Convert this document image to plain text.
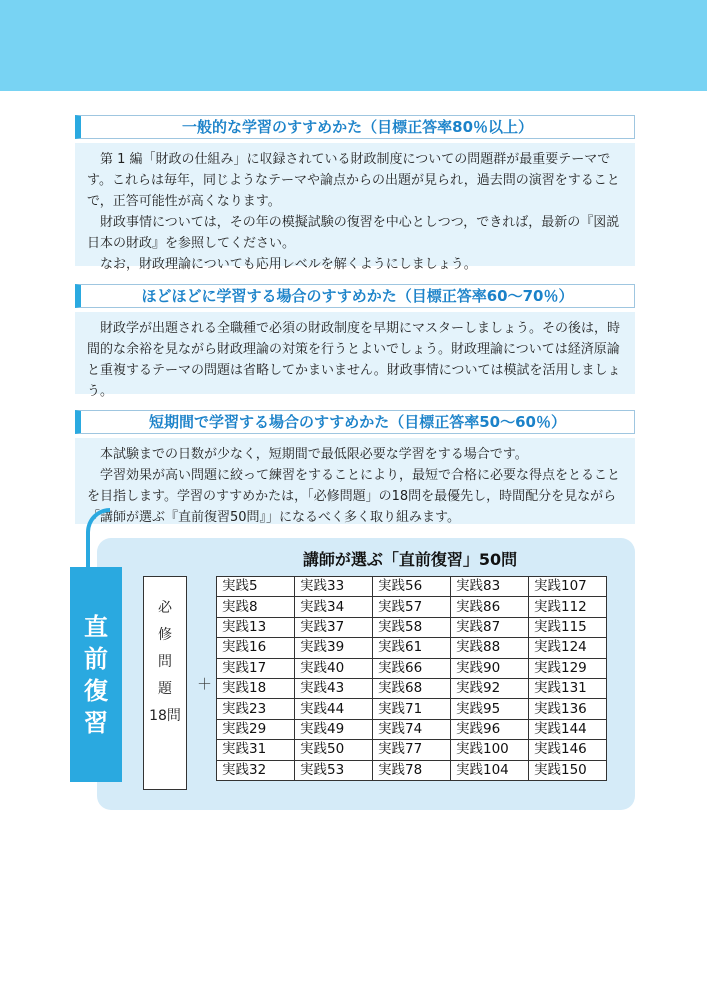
一般的な学習のすすめかた（目標正答率80％以上）

第 1 編「財政の仕組み」に収録されている財政制度についての問題群が最重要テーマです。これらは毎年，同じようなテーマや論点からの出題が見られ，過去問の演習をすることで，正答可能性が高くなります。

財政事情については，その年の模擬試験の復習を中心としつつ，できれば，最新の『図説　日本の財政』を参照してください。

なお，財政理論についても応用レベルを解くようにしましょう。

ほどほどに学習する場合のすすめかた（目標正答率60～70％）

財政学が出題される全職種で必須の財政制度を早期にマスターしましょう。その後は，時間的な余裕を見ながら財政理論の対策を行うとよいでしょう。財政理論については経済原論と重複するテーマの問題は省略してかまいません。財政事情については模試を活用しましょう。

短期間で学習する場合のすすめかた（目標正答率50～60％）

本試験までの日数が少なく，短期間で最低限必要な学習をする場合です。

学習効果が高い問題に絞って練習をすることにより，最短で合格に必要な得点をとることを目指します。学習のすすめかたは，「必修問題」の18問を最優先し，時間配分を見ながら「講師が選ぶ『直前復習50問』」になるべく多く取り組みます。

直
前
復
習
講師が選ぶ「直前復習」50問
必
修
問
題
18問
＋
実践5	実践33	実践56	実践83	実践107
実践8	実践34	実践57	実践86	実践112
実践13	実践37	実践58	実践87	実践115
実践16	実践39	実践61	実践88	実践124
実践17	実践40	実践66	実践90	実践129
実践18	実践43	実践68	実践92	実践131
実践23	実践44	実践71	実践95	実践136
実践29	実践49	実践74	実践96	実践144
実践31	実践50	実践77	実践100	実践146
実践32	実践53	実践78	実践104	実践150
